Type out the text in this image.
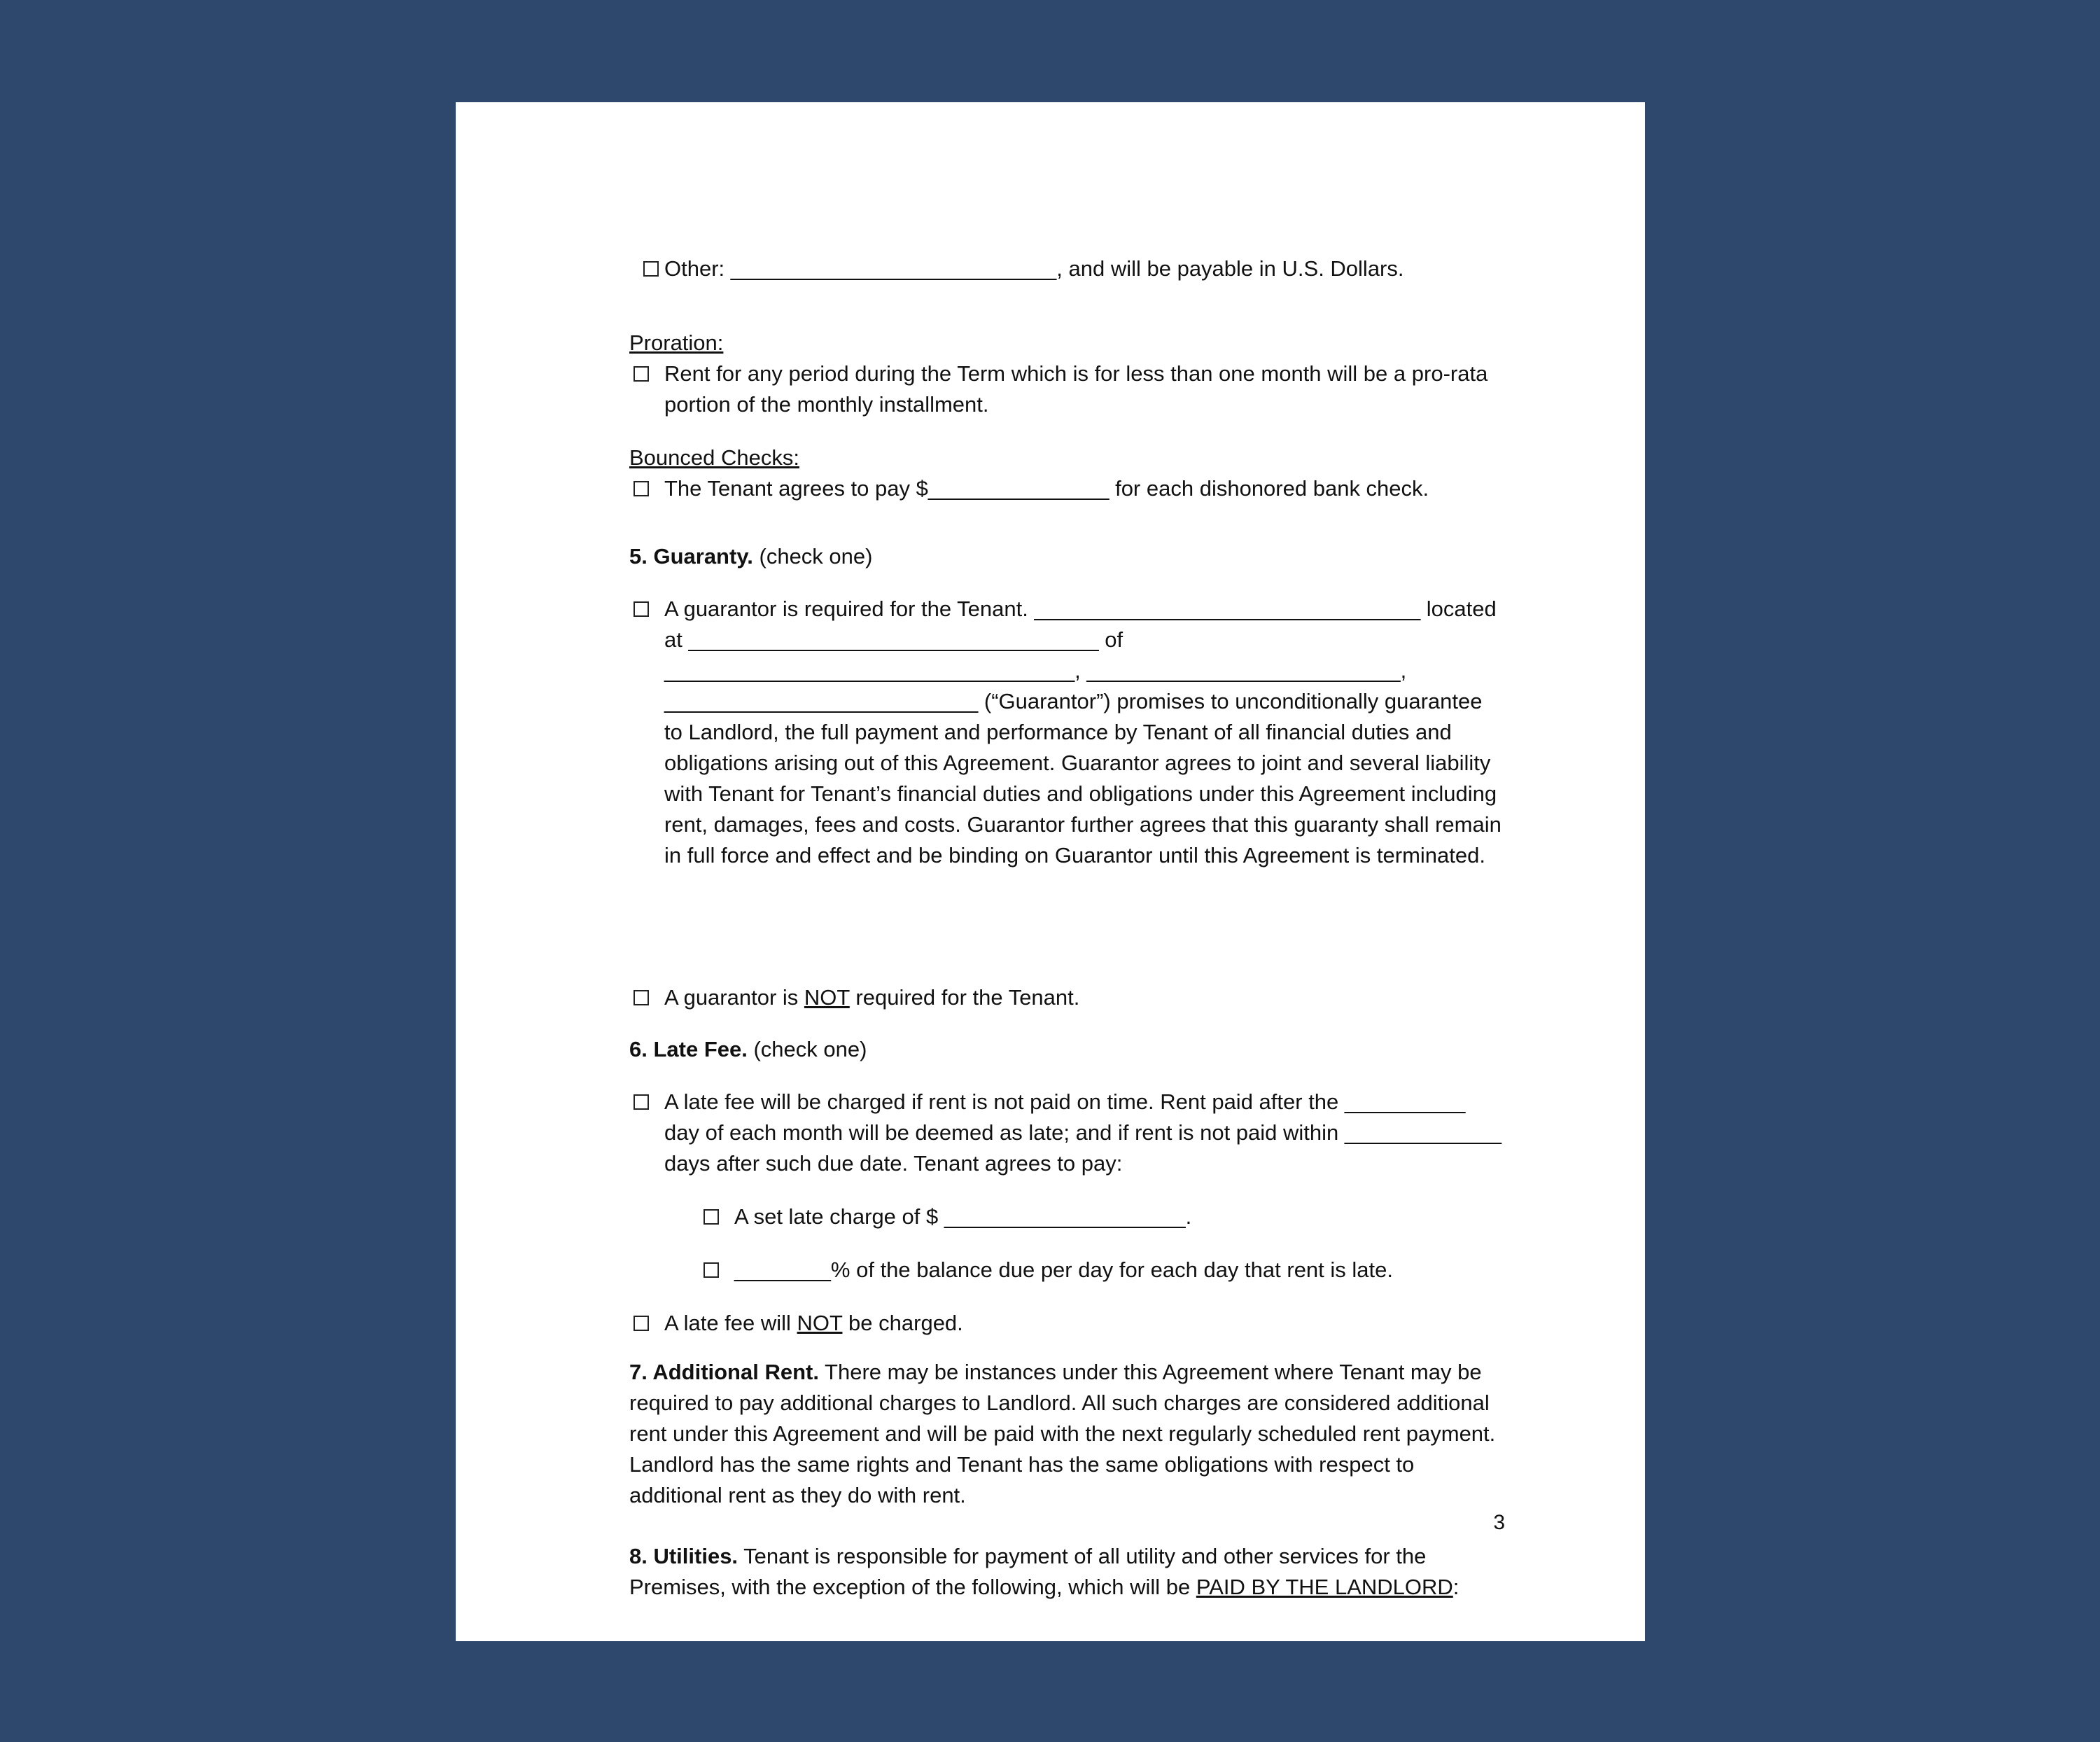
Other: ___________________________, and will be payable in U.S. Dollars.

Proration:

Rent for any period during the Term which is for less than one month will be a pro-rata portion of the monthly installment.

Bounced Checks:

The Tenant agrees to pay $_______________ for each dishonored bank check.

5. Guaranty. (check one)

A guarantor is required for the Tenant. ________________________________ located at __________________________________ of __________________________________, __________________________, __________________________ (“Guarantor”) promises to unconditionally guarantee to Landlord, the full payment and performance by Tenant of all financial duties and obligations arising out of this Agreement. Guarantor agrees to joint and several liability with Tenant for Tenant’s financial duties and obligations under this Agreement including rent, damages, fees and costs. Guarantor further agrees that this guaranty shall remain in full force and effect and be binding on Guarantor until this Agreement is terminated.

A guarantor is NOT required for the Tenant.

6. Late Fee. (check one)

A late fee will be charged if rent is not paid on time. Rent paid after the __________ day of each month will be deemed as late; and if rent is not paid within _____________ days after such due date. Tenant agrees to pay:

A set late charge of $ ____________________.

________% of the balance due per day for each day that rent is late.

A late fee will NOT be charged.

7. Additional Rent. There may be instances under this Agreement where Tenant may be required to pay additional charges to Landlord. All such charges are considered additional rent under this Agreement and will be paid with the next regularly scheduled rent payment. Landlord has the same rights and Tenant has the same obligations with respect to additional rent as they do with rent.

8. Utilities. Tenant is responsible for payment of all utility and other services for the Premises, with the exception of the following, which will be PAID BY THE LANDLORD:

3
